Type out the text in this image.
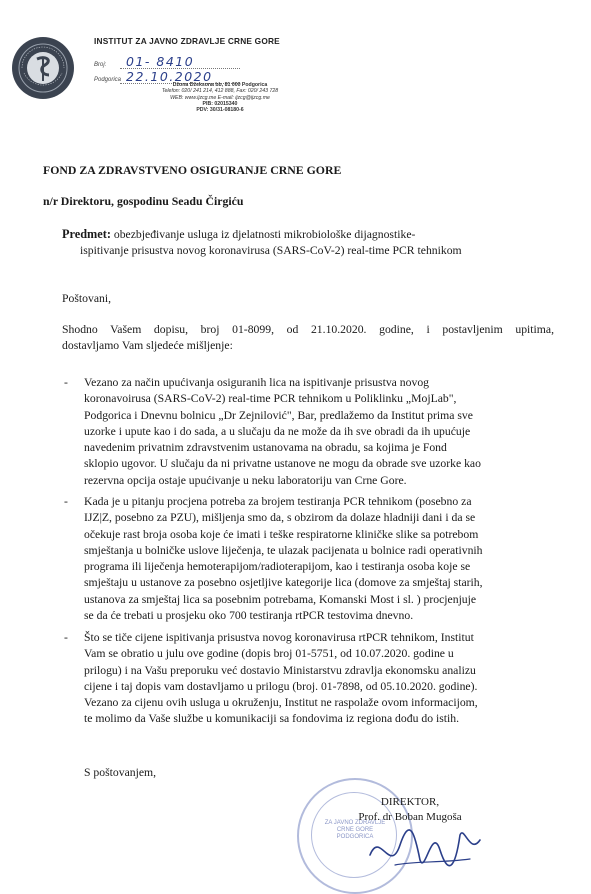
INSTITUT ZA JAVNO ZDRAVLJE CRNE GORE
Broj: 01- 8410
Podgorica 22.10.2020
Džona Džeksona bb, 81 000 Podgorica
Telefon: 020/ 241 214, 412 888, Fax: 020/ 243 728
WEB: www.ijzcg.me E-mail: ijzcg@ijzcg.me
PIB: 02015340
PDV: 30/31-08180-6
FOND ZA ZDRAVSTVENO OSIGURANJE CRNE GORE
n/r Direktoru, gospodinu Seadu Čirgiću
Predmet: obezbjeđivanje usluga iz djelatnosti mikrobiološke dijagnostike-
ispitivanje prisustva novog koronavirusa (SARS-CoV-2) real-time PCR tehnikom
Poštovani,
Shodno Vašem dopisu, broj 01-8099, od 21.10.2020. godine, i postavljenim upitima,
dostavljamo Vam sljedeće mišljenje:
- Vezano za način upućivanja osiguranih lica na ispitivanje prisustva novog
koronavoirusa (SARS-CoV-2) real-time PCR tehnikom u Poliklinku „MojLab",
Podgorica i Dnevnu bolnicu „Dr Zejnilović", Bar, predlažemo da Institut prima sve
uzorke i upute kao i do sada, a u slučaju da ne može da ih sve obradi da ih upućuje
navedenim privatnim zdravstvenim ustanovama na obradu, sa kojima je Fond
sklopio ugovor. U slučaju da ni privatne ustanove ne mogu da obrade sve uzorke kao
rezervna opcija ostaje upućivanje u neku laboratoriju van Crne Gore.
- Kada je u pitanju procjena potreba za brojem testiranja PCR tehnikom (posebno za
IJZ|Z, posebno za PZU), mišljenja smo da, s obzirom da dolaze hladniji dani i da se
očekuje rast broja osoba koje će imati i teške respiratorne kliničke slike sa potrebom
smještanja u bolničke uslove liječenja, te ulazak pacijenata u bolnice radi operativnih
programa ili liječenja hemoterapijom/radioterapijom, kao i testiranja osoba koje se
smještaju u ustanove za posebno osjetljive kategorije lica (domove za smještaj starih,
ustanova za smještaj lica sa posebnim potrebama, Komanski Most i sl. ) procjenjuje
se da će trebati u prosjeku oko 700 testiranja rtPCR testovima dnevno.
- Što se tiče cijene ispitivanja prisustva novog koronavirusa rtPCR tehnikom, Institut
Vam se obratio u julu ove godine (dopis broj 01-5751, od 10.07.2020. godine u
prilogu) i na Vašu preporuku već dostavio Ministarstvu zdravlja ekonomsku analizu
cijene i taj dopis vam dostavljamo u prilogu (broj. 01-7898, od 05.10.2020. godine).
Vezano za cijenu ovih usluga u okruženju, Institut ne raspolaže ovom informacijom,
te molimo da Vaše službe u komunikaciji sa fondovima iz regiona dođu do istih.
S poštovanjem,
ZA JAVNO ZDRAVLJE
CRNE GORE
PODGORICA
DIREKTOR,
Prof. dr Boban Mugoša
